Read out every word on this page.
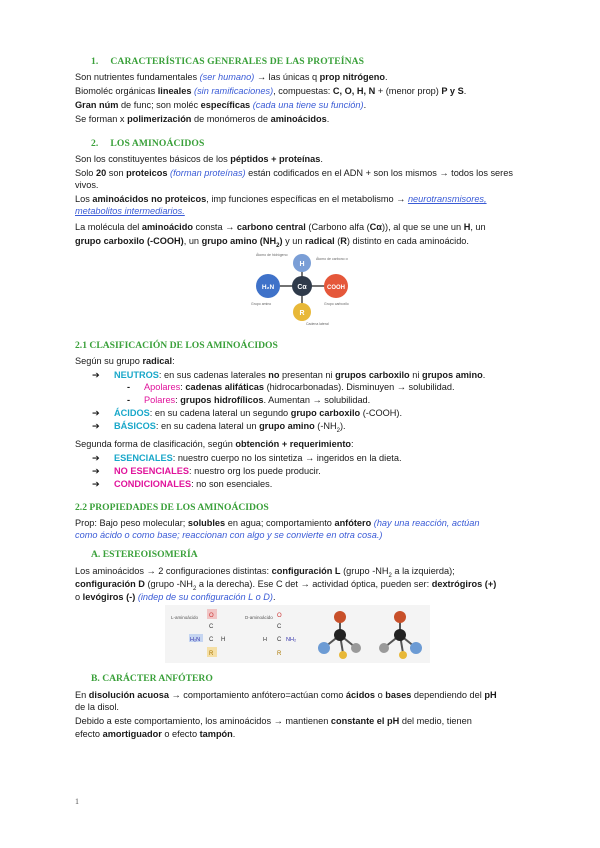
1. CARACTERÍSTICAS GENERALES DE LAS PROTEÍNAS
Son nutrientes fundamentales (ser humano) → las únicas q prop nitrógeno.
Biomoléc orgánicas lineales (sin ramificaciones), compuestas: C, O, H, N + (menor prop) P y S.
Gran núm de func; son moléc específicas (cada una tiene su función).
Se forman x polimerización de monómeros de aminoácidos.
2. LOS AMINOÁCIDOS
Son los constituyentes básicos de los péptidos + proteínas.
Solo 20 son proteicos (forman proteínas) están codificados en el ADN + son los mismos → todos los seres
vivos.
Los aminoácidos no proteicos, imp funciones específicas en el metabolismo → neurotransmisores,
metabolitos intermediarios.
La molécula del aminoácido consta → carbono central (Carbono alfa (Cα)), al que se une un H, un
grupo carboxilo (-COOH), un grupo amino $(NH_2)$ y un radical (R) distinto en cada aminoácido.
H
H₂N	COOH
R
Cα
Átomo de hidrógeno
Átomo de carbono α
Grupo amino	Grupo carboxilo
Cadena lateral
2.1 CLASIFICACIÓN DE LOS AMINOÁCIDOS
Según su grupo radical:
➔ NEUTROS: en sus cadenas laterales no presentan ni grupos carboxilo ni grupos amino.
- Apolares: cadenas alifáticas (hidrocarbonadas). Disminuyen → solubilidad.
- Polares: grupos hidrofílicos. Aumentan → solubilidad.
➔ ÁCIDOS: en su cadena lateral un segundo grupo carboxilo (-COOH).
➔ BÁSICOS: en su cadena lateral un grupo amino $(-NH_2)$.
Segunda forma de clasificación, según obtención + requerimiento:
➔ ESENCIALES: nuestro cuerpo no los sintetiza → ingeridos en la dieta.
➔ NO ESENCIALES: nuestro org los puede producir.
➔ CONDICIONALES: no son esenciales.
2.2 PROPIEDADES DE LOS AMINOÁCIDOS
Prop: Bajo peso molecular; solubles en agua; comportamiento anfótero (hay una reacción, actúan
como ácido o como base; reaccionan con algo y se convierte en otra cosa.)
A. ESTEREOISOMERÍA
Los aminoácidos → 2 configuraciones distintas: configuración L (grupo $-NH_2$ a la izquierda);
configuración D (grupo $-NH_2$ a la derecha). Ese C det → actividad óptica, pueden ser: dextrógiros (+)
o levógiros (-) (indep de su configuración L o D).
L-aminoácido O
C
H₂N C H
R
D-aminoácido O
C
H C NH₂
R
B. CARÁCTER ANFÓTERO
En disolución acuosa → comportamiento anfótero=actúan como ácidos o bases dependiendo del pH
de la disol.
Debido a este comportamiento, los aminoácidos → mantienen constante el pH del medio, tienen
efecto amortiguador o efecto tampón.
1
